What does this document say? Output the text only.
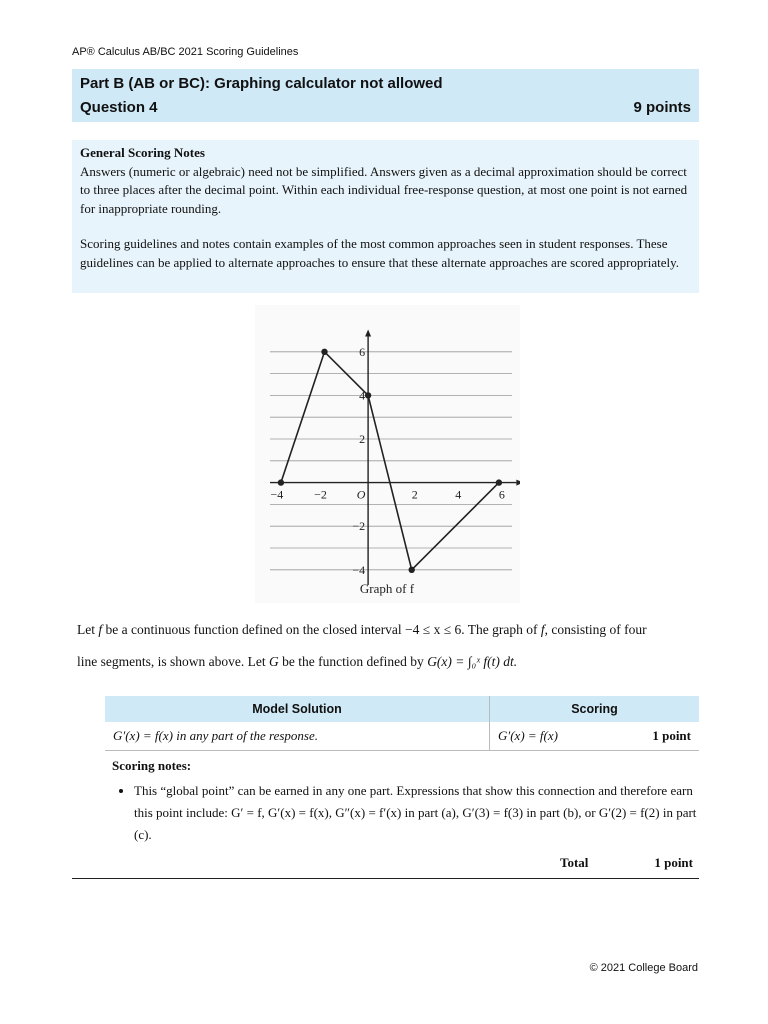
AP® Calculus AB/BC 2021 Scoring Guidelines
Part B (AB or BC): Graphing calculator not allowed
Question 4	9 points
General Scoring Notes

Answers (numeric or algebraic) need not be simplified. Answers given as a decimal approximation should be correct to three places after the decimal point. Within each individual free-response question, at most one point is not earned for inappropriate rounding.

Scoring guidelines and notes contain examples of the most common approaches seen in student responses. These guidelines can be applied to alternate approaches to ensure that these alternate approaches are scored appropriately.

−4	−2	2	4	6
6
4
2
−2
−4
O
Graph of f
Let f be a continuous function defined on the closed interval −4 ≤ x ≤ 6. The graph of f, consisting of four
line segments, is shown above. Let G be the function defined by G(x) = ∫₀ˣ f(t) dt.
Model Solution	Scoring	
G′(x) = f(x) in any part of the response.	G′(x) = f(x)	1 point
Scoring notes:
• This “global point” can be earned in any one part. Expressions that show this connection and therefore earn this point include: G′ = f, G′(x) = f(x), G″(x) = f′(x) in part (a), G′(3) = f(3) in part (b), or G′(2) = f(2) in part (c).
Total	1 point
© 2021 College Board
